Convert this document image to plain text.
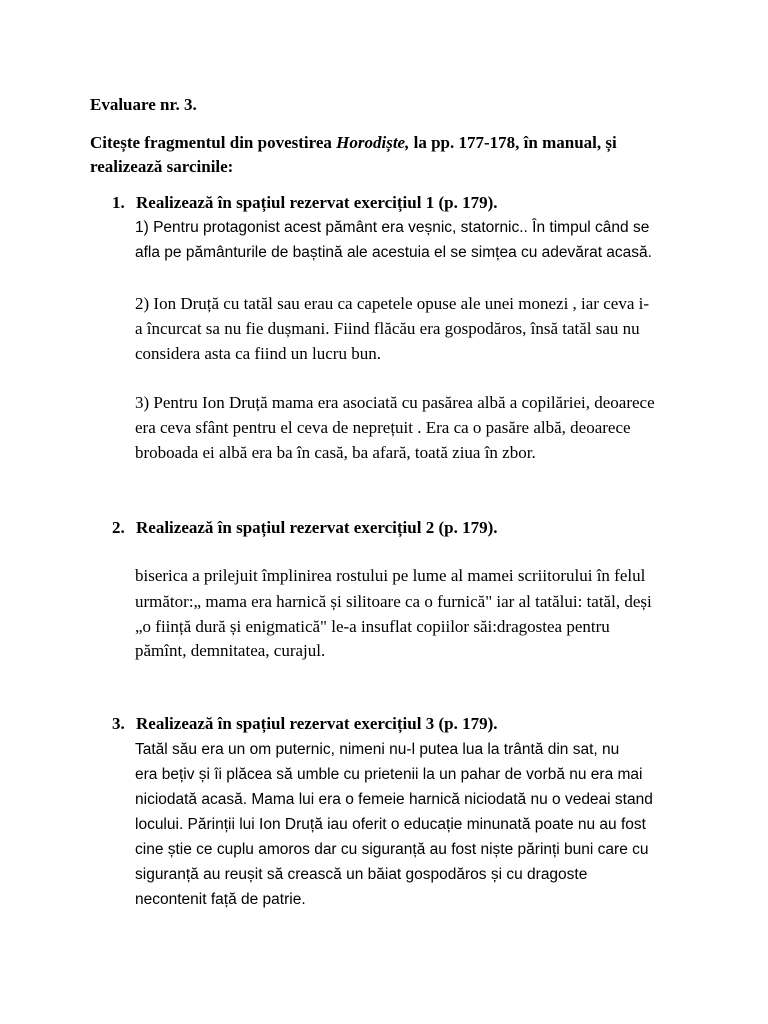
Evaluare nr. 3.
Citește fragmentul din povestirea Horodiște, la pp. 177-178, în manual, și
realizează sarcinile:
1. Realizează în spațiul rezervat exercițiul 1 (p. 179).
1) Pentru protagonist acest pământ era veșnic, statornic.. În timpul când se
afla pe pământurile de baștină ale acestuia el se simțea cu adevărat acasă.
2) Ion Druță cu tatăl sau erau ca capetele opuse ale unei monezi , iar ceva i-
a încurcat sa nu fie dușmani. Fiind flăcău era gospodăros, însă tatăl sau nu
considera asta ca fiind un lucru bun.
3) Pentru Ion Druță mama era asociată cu pasărea albă a copilăriei, deoarece
era ceva sfânt pentru el ceva de neprețuit . Era ca o pasăre albă, deoarece
broboada ei albă era ba în casă, ba afară, toată ziua în zbor.
2. Realizează în spațiul rezervat exercițiul 2 (p. 179).
biserica a prilejuit împlinirea rostului pe lume al mamei scriitorului în felul
următor:„ mama era harnică și silitoare ca o furnică" iar al tatălui: tatăl, deși
„o ființă dură și enigmatică" le-a insuflat copiilor săi:dragostea pentru
pămînt, demnitatea, curajul.
3. Realizează în spațiul rezervat exercițiul 3 (p. 179).
Tatăl său era un om puternic, nimeni nu-l putea lua la trântă din sat, nu
era bețiv și îi plăcea să umble cu prietenii la un pahar de vorbă nu era mai
niciodată acasă. Mama lui era o femeie harnică niciodată nu o vedeai stand
locului. Părinții lui Ion Druță iau oferit o educație minunată poate nu au fost
cine știe ce cuplu amoros dar cu siguranță au fost niște părinți buni care cu
siguranță au reușit să crească un băiat gospodăros și cu dragoste
necontenit față de patrie.
